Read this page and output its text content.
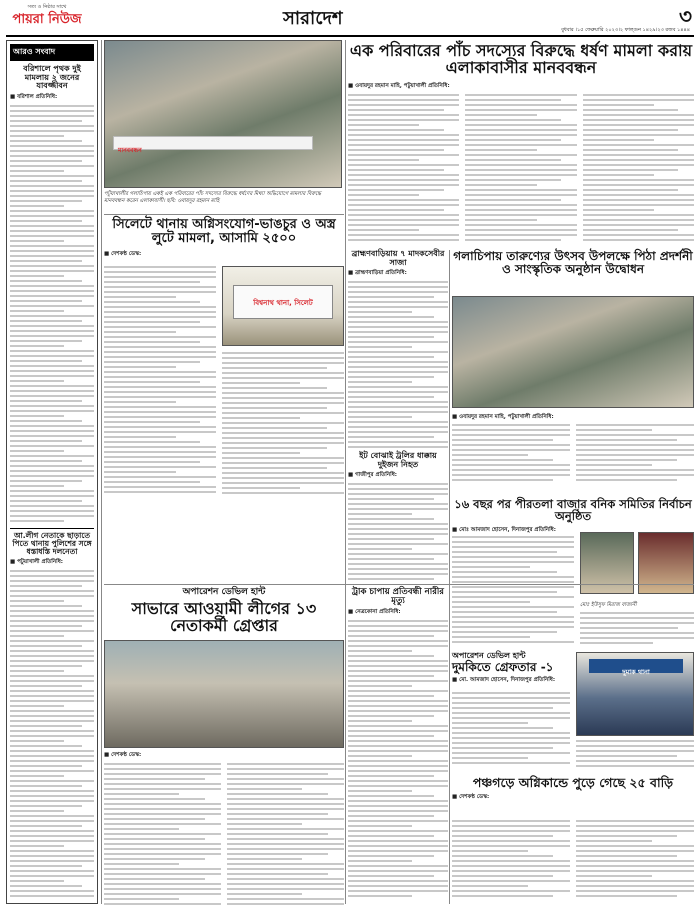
সত্য ও নিষ্ঠার সাথে
পায়রা নিউজ	সারাদেশ	৩
বুধবার ।১৫ ফেব্রুয়ারি ২০২৩।২ ফাল্গুন ১৪২৯।২৩ রজব ১৪৪৪
আরও সংবাদ
বরিশালে পৃথক দুই মামলায় ২ জনের যাবজ্জীবন
■ বরিশাল প্রতিনিধি:
আ.লীগ নেতাকে ছাড়াতে পিতে থানায় পুলিশের সঙ্গে ধস্তাধস্তি দলনেতা
■ পটুয়াখালী প্রতিনিধি:
মানববন্ধন
পটুয়াখালীর গলাচিপায় একই এক পরিবারের পাঁচ সদস্যের বিরুদ্ধে ধর্ষণের মিথ্যা অভিযোগে মামলার বিরুদ্ধে মানববন্ধন করেন এলাকাবাসী। ছবি: ওবায়দুর রহমান মাহি
এক পরিবারের পাঁচ সদস্যের বিরুদ্ধে ধর্ষণ মামলা করায় এলাকাবাসীর মানববন্ধন
■ ওবায়দুর রহমান মাহি, পটুয়াখালী প্রতিনিধি:
ব্রাহ্মণবাড়িয়ায় ৭ মাদকসেবীর সাজা
■ ব্রাহ্মণবাড়িয়া প্রতিনিধি:
গলাচিপায় তারুণ্যের উৎসব উপলক্ষে পিঠা প্রদর্শনী ও সাংস্কৃতিক অনুষ্ঠান উদ্বোধন
■ ওবায়দুর রহমান মাহি, পটুয়াখালী প্রতিনিধি:
সিলেটে থানায় অগ্নিসংযোগ-ভাঙচুর ও অস্ত্র লুটে মামলা, আসামি ২৫০০
■ দেশকন্ঠ ডেস্ক:
বিশ্বনাথ থানা, সিলেট
ইট বোঝাই ট্রলির ধাক্কায় দুইজন নিহত
■ গাজীপুর প্রতিনিধি:
১৬ বছর পর পীরতলা বাজার বনিক সমিতির নির্বাচন অনুষ্ঠিত
■ মোঃ আমজাদ হোসেন, দিনাজপুর প্রতিনিধি:
মোঃ ইউসুফ মিরাজ বাজানী
অপারেশন ডেভিল হান্ট
সাভারে আওয়ামী লীগের ১৩ নেতাকর্মী গ্রেপ্তার
■ দেশকন্ঠ ডেস্ক:
ট্রাক চাপায় প্রতিবন্ধী নারীর মৃত্যু
■ নেত্রকোনা প্রতিনিধি:
অপারেশন ডেভিল হান্ট
দুমকিতে গ্রেফতার -১
■ মো. আমজাদ হোসেন, দিনাজপুর প্রতিনিধি:
দুমাক থানা
পঞ্চগড়ে অগ্নিকান্ডে পুড়ে গেছে ২৫ বাড়ি
■ দেশকন্ঠ ডেস্ক:
